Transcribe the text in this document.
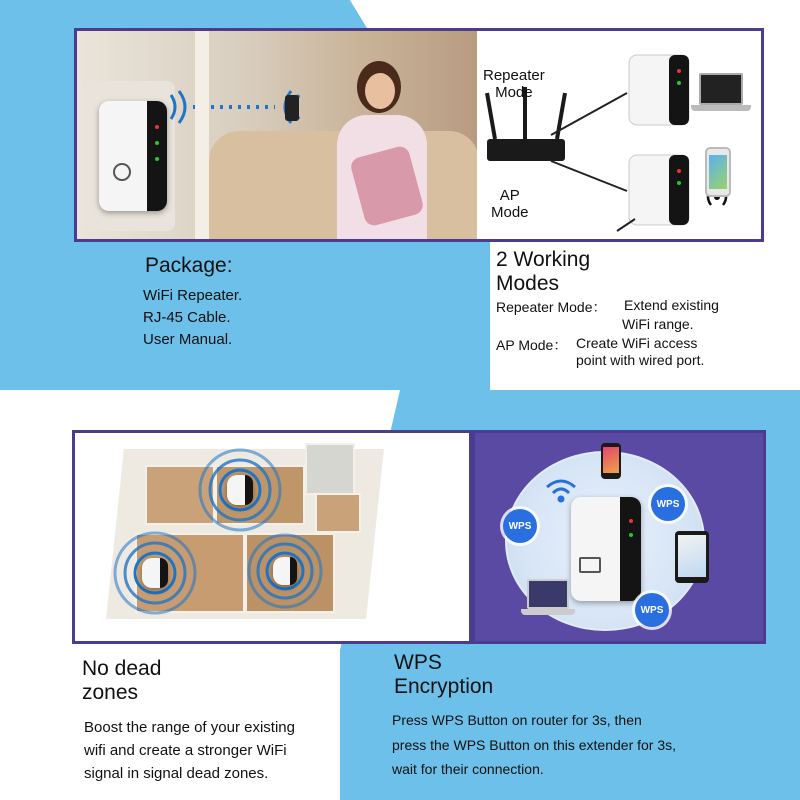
Repeater
Mode
AP
Mode
Package:
WiFi Repeater.
RJ-45 Cable.
User Manual.
2 Working
Modes
Repeater Mode： Extend existing
WiFi range.
AP Mode： Create WiFi access
point with wired port.
WPS
WPS
WPS
No dead
zones
Boost the range of your existing
wifi and create a stronger WiFi
signal in signal dead zones.
WPS
Encryption
Press WPS Button on router for 3s, then
press the WPS Button on this extender for 3s,
wait for their connection.
